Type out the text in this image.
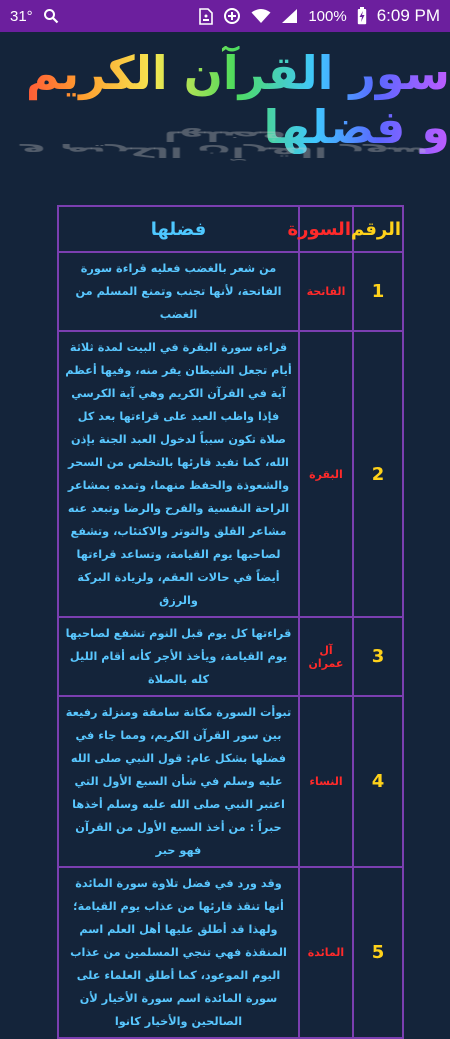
31°	100% 6:09 PM
سور القرآن الكريم و فضلها
سور القرآن الكريم و فضلها
الرقم	السورة	فضلها
1	الفاتحة	من شعر بالغضب فعليه قراءة سورة الفاتحة، لأنها تجنب وتمنع المسلم من الغضب
2	البقرة	قراءة سورة البقرة في البيت لمدة ثلاثة أيام تجعل الشيطان يفر منه، وفيها أعظم آية في القرآن الكريم وهي آية الكرسي فإذا واظب العبد على قراءتها بعد كل صلاة تكون سبباً لدخول العبد الجنة بإذن الله، كما تفيد قارئها بالتخلص من السحر والشعوذة والحفظ منهما، وتمده بمشاعر الراحة النفسية والفرح والرضا وتبعد عنه مشاعر القلق والتوتر والاكتئاب، وتشفع لصاحبها يوم القيامة، وتساعد قراءتها أيضاً في حالات العقم، ولزيادة البركة والرزق
3	آل عمران	قراءتها كل يوم قبل النوم تشفع لصاحبها يوم القيامة، ويأخذ الأجر كأنه أقام الليل كله بالصلاة
4	النساء	تبوأت السورة مكانة سامقة ومنزلة رفيعة بين سور القرآن الكريم، ومما جاء في فضلها بشكل عام: قول النبي صلى الله عليه وسلم في شأن السبع الأول التي اعتبر النبي صلى الله عليه وسلم أخذها حبراً : من أخذ السبع الأول من القرآن فهو حبر
5	المائدة	وقد ورد في فضل تلاوة سورة المائدة أنها تنقذ قارئها من عذاب يوم القيامة؛ ولهذا قد أطلق عليها أهل العلم اسم المنقذة فهي تنجي المسلمين من عذاب اليوم الموعود، كما أطلق العلماء على سورة المائدة اسم سورة الأخيار لأن الصالحين والأخيار كانوا
